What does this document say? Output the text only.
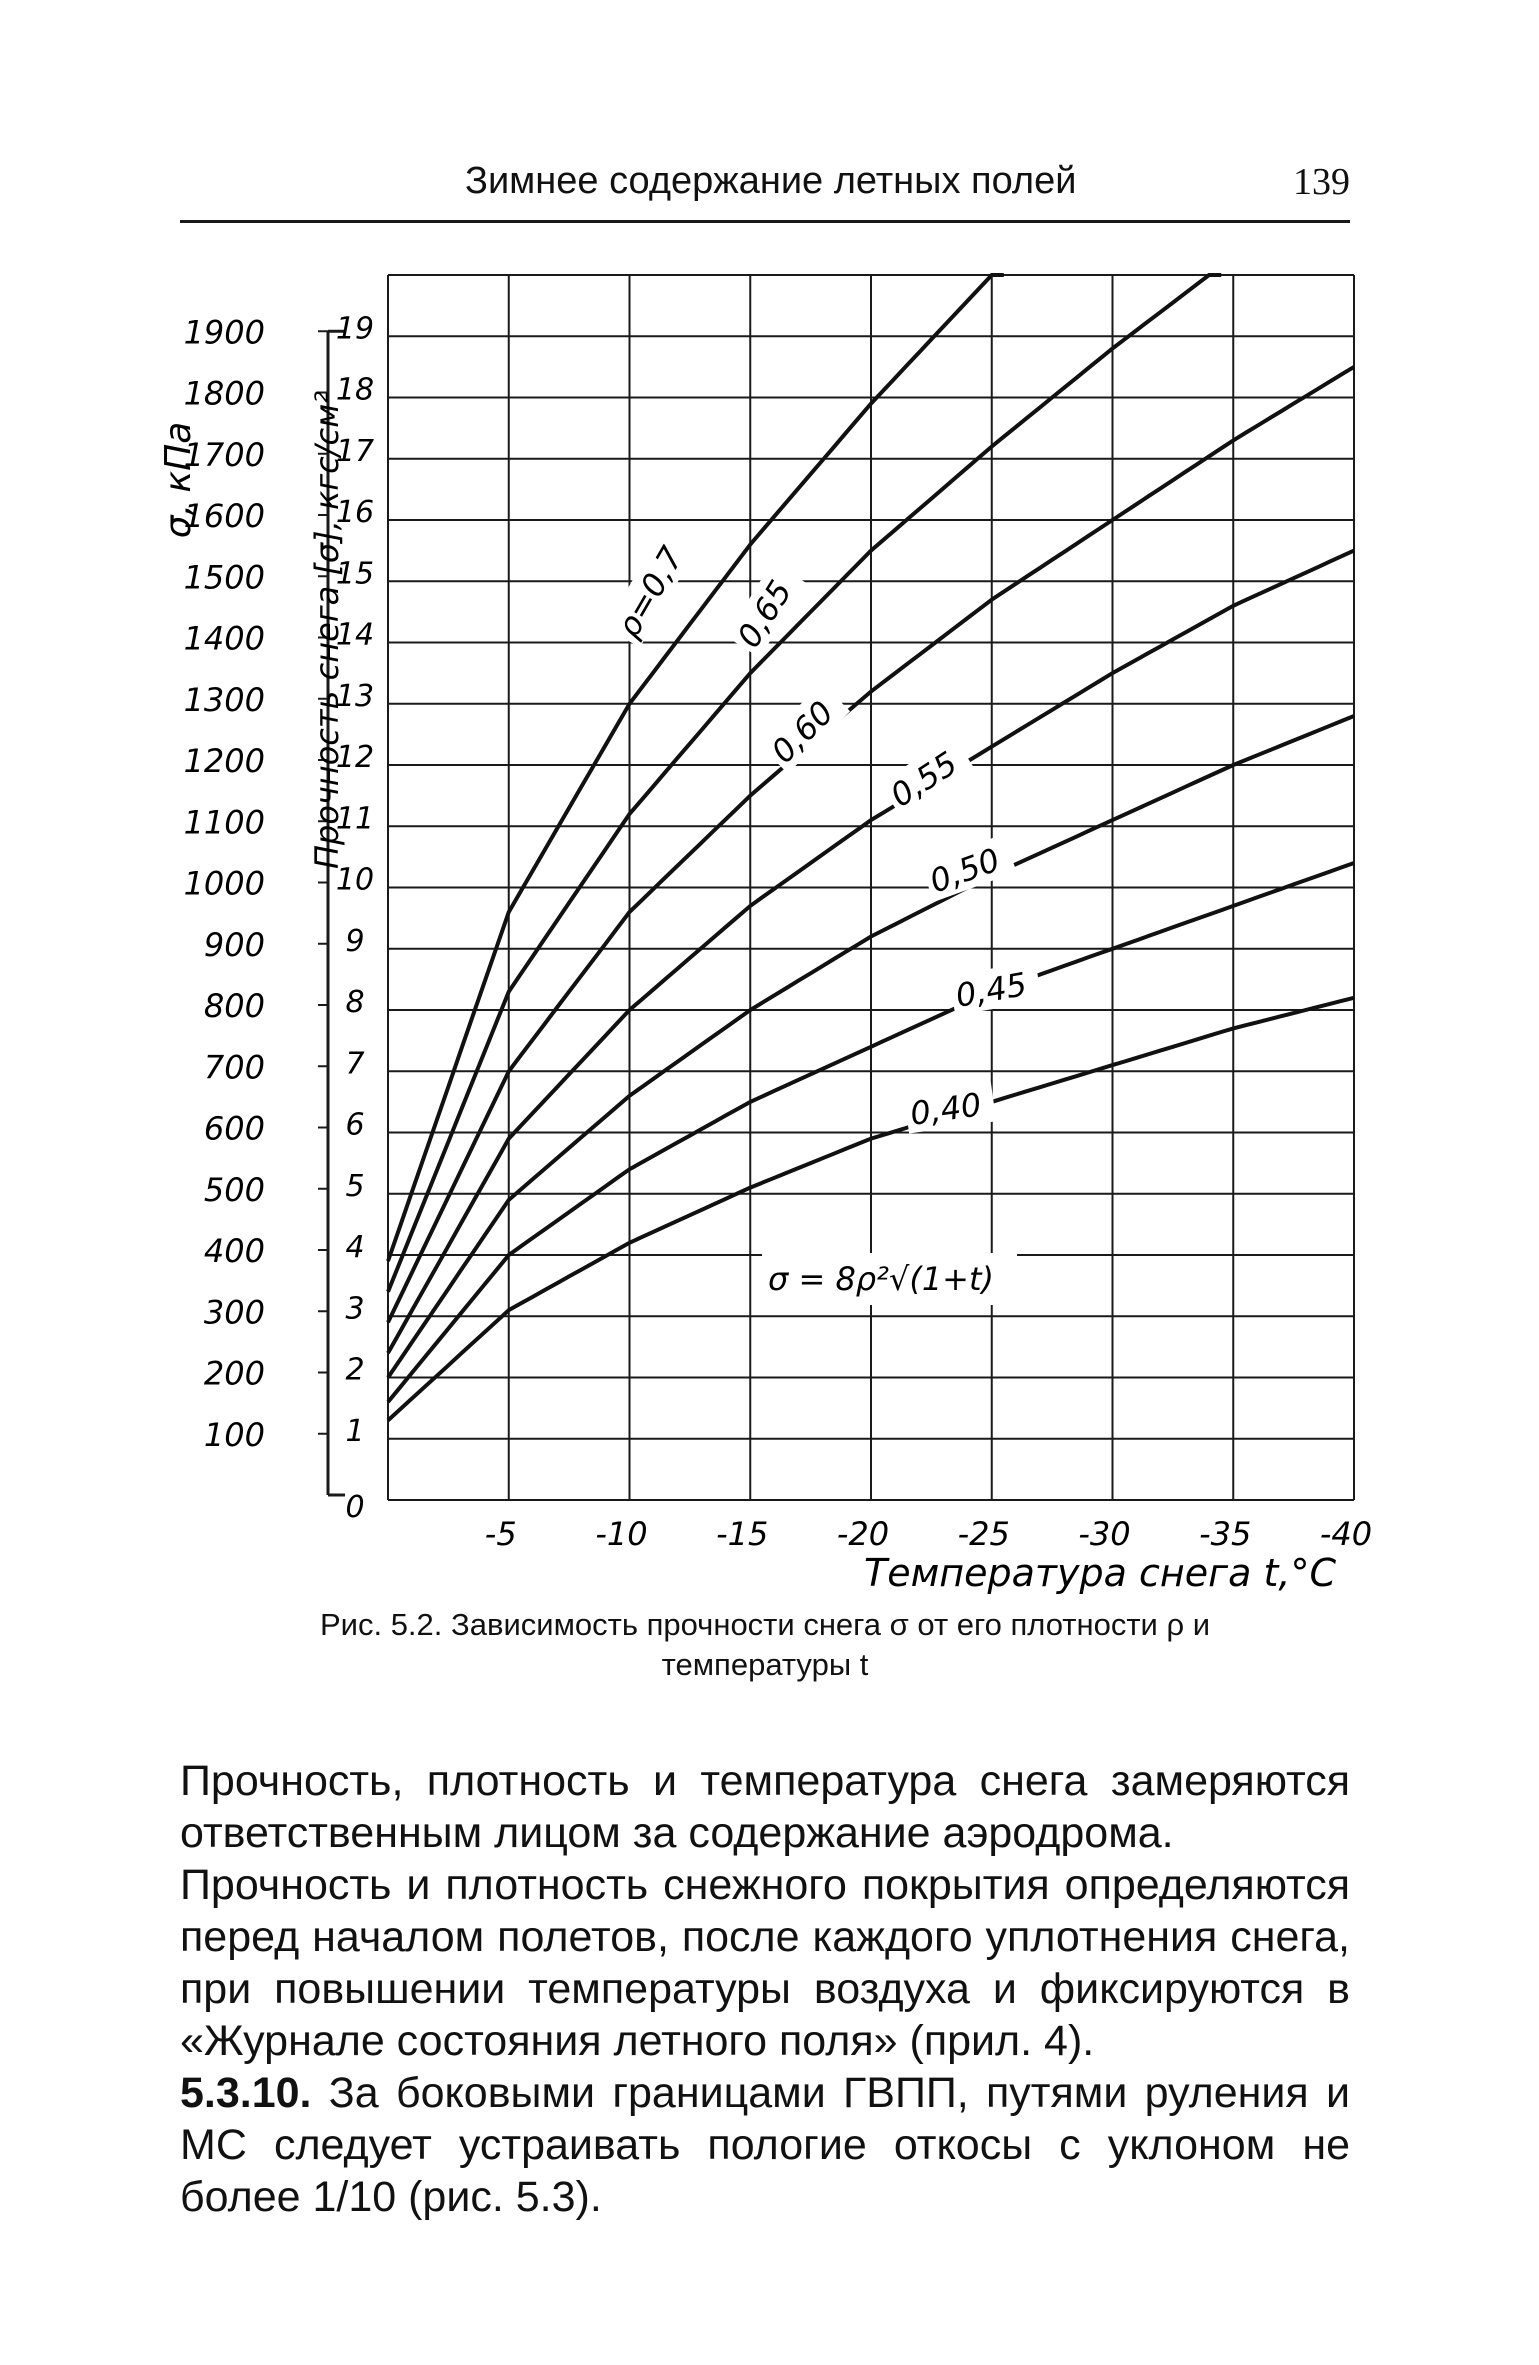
Зимнее содержание летных полей	139
100
200
300
400
500
600
700
800
900
1000
1100
1200
1300
1400
1500
1600
1700
1800
1900
0
1
2
3
4
5
6
7
8
9
10
11
12
13
14
15
16
17
18
19
-5 -10 -15 -20 -25 -30 -35 -40
ρ=0,7 0,65
0,60
0,55
0,50
0,45
0,40
σ, кПа	Прочность снега [σ], кгс/см²
Температура снега t,°C
σ = 8ρ²√(1+t)
Рис. 5.2. Зависимость прочности снега σ от его плотности ρ и
температуры t

Прочность, плотность и температура снега замеряются ответственным лицом за содержание аэродрома.

Прочность и плотность снежного покрытия определяются перед началом полетов, после каждого уплотнения снега, при повышении температуры воздуха и фиксируются в «Журнале состояния летного поля» (прил. 4).

5.3.10. За боковыми границами ГВПП, путями руления и МС следует устраивать пологие откосы с уклоном не более 1/10 (рис. 5.3).
